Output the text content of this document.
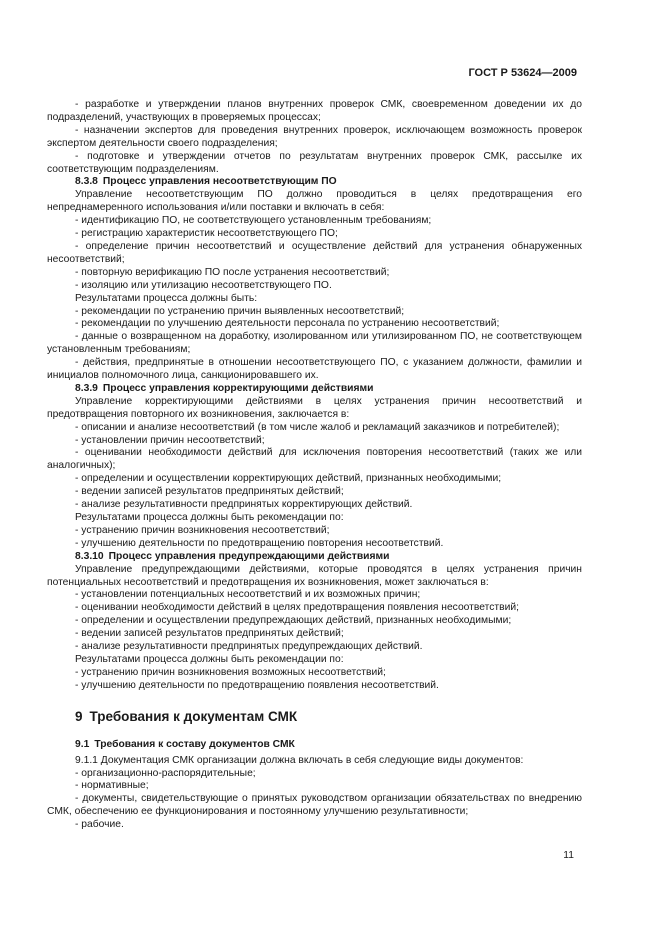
ГОСТ Р 53624—2009
- разработке и утверждении планов внутренних проверок СМК, своевременном доведении их до подразделений, участвующих в проверяемых процессах;
- назначении экспертов для проведения внутренних проверок, исключающем возможность проверок экспертом деятельности своего подразделения;
- подготовке и утверждении отчетов по результатам внутренних проверок СМК, рассылке их соответствующим подразделениям.
8.3.8 Процесс управления несоответствующим ПО
Управление несоответствующим ПО должно проводиться в целях предотвращения его непреднамеренного использования и/или поставки и включать в себя:
- идентификацию ПО, не соответствующего установленным требованиям;
- регистрацию характеристик несоответствующего ПО;
- определение причин несоответствий и осуществление действий для устранения обнаруженных несоответствий;
- повторную верификацию ПО после устранения несоответствий;
- изоляцию или утилизацию несоответствующего ПО.
Результатами процесса должны быть:
- рекомендации по устранению причин выявленных несоответствий;
- рекомендации по улучшению деятельности персонала по устранению несоответствий;
- данные о возвращенном на доработку, изолированном или утилизированном ПО, не соответствующем установленным требованиям;
- действия, предпринятые в отношении несоответствующего ПО, с указанием должности, фамилии и инициалов полномочного лица, санкционировавшего их.
8.3.9 Процесс управления корректирующими действиями
Управление корректирующими действиями в целях устранения причин несоответствий и предотвращения повторного их возникновения, заключается в:
- описании и анализе несоответствий (в том числе жалоб и рекламаций заказчиков и потребителей);
- установлении причин несоответствий;
- оценивании необходимости действий для исключения повторения несоответствий (таких же или аналогичных);
- определении и осуществлении корректирующих действий, признанных необходимыми;
- ведении записей результатов предпринятых действий;
- анализе результативности предпринятых корректирующих действий.
Результатами процесса должны быть рекомендации по:
- устранению причин возникновения несоответствий;
- улучшению деятельности по предотвращению повторения несоответствий.
8.3.10 Процесс управления предупреждающими действиями
Управление предупреждающими действиями, которые проводятся в целях устранения причин потенциальных несоответствий и предотвращения их возникновения, может заключаться в:
- установлении потенциальных несоответствий и их возможных причин;
- оценивании необходимости действий в целях предотвращения появления несоответствий;
- определении и осуществлении предупреждающих действий, признанных необходимыми;
- ведении записей результатов предпринятых действий;
- анализе результативности предпринятых предупреждающих действий.
Результатами процесса должны быть рекомендации по:
- устранению причин возникновения возможных несоответствий;
- улучшению деятельности по предотвращению появления несоответствий.
9 Требования к документам СМК
9.1 Требования к составу документов СМК
9.1.1 Документация СМК организации должна включать в себя следующие виды документов:
- организационно-распорядительные;
- нормативные;
- документы, свидетельствующие о принятых руководством организации обязательствах по внедрению СМК, обеспечению ее функционирования и постоянному улучшению результативности;
- рабочие.
11
